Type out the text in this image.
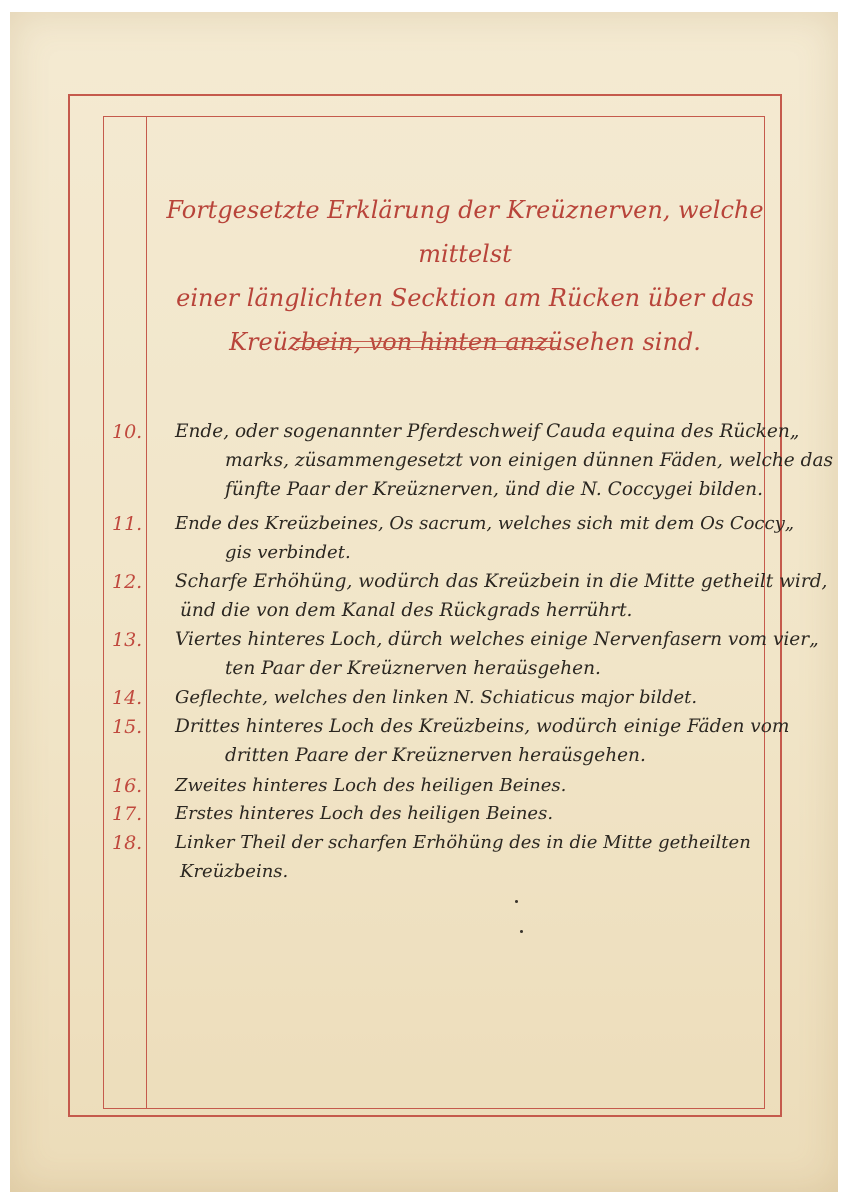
Fortgesetzte Erklärung der Kreüznerven, welche mittelst
einer länglichten Secktion am Rücken über das
Kreüzbein, von hinten anzüsehen sind.
10.	Ende, oder sogenannter Pferdeschweif Cauda equina des Rücken„
marks, züsammengesetzt von einigen dünnen Fäden, welche das
fünfte Paar der Kreüznerven, ünd die N. Coccygei bilden.
11.	Ende des Kreüzbeines, Os sacrum, welches sich mit dem Os Coccy„
gis verbindet.
12.	Scharfe Erhöhüng, wodürch das Kreüzbein in die Mitte getheilt wird,
ünd die von dem Kanal des Rückgrads herrührt.
13.	Viertes hinteres Loch, dürch welches einige Nervenfasern vom vier„
ten Paar der Kreüznerven heraüsgehen.
14.	Geflechte, welches den linken N. Schiaticus major bildet.
15.	Drittes hinteres Loch des Kreüzbeins, wodürch einige Fäden vom
dritten Paare der Kreüznerven heraüsgehen.
16.	Zweites hinteres Loch des heiligen Beines.
17.	Erstes hinteres Loch des heiligen Beines.
18.	Linker Theil der scharfen Erhöhüng des in die Mitte getheilten
Kreüzbeins.
